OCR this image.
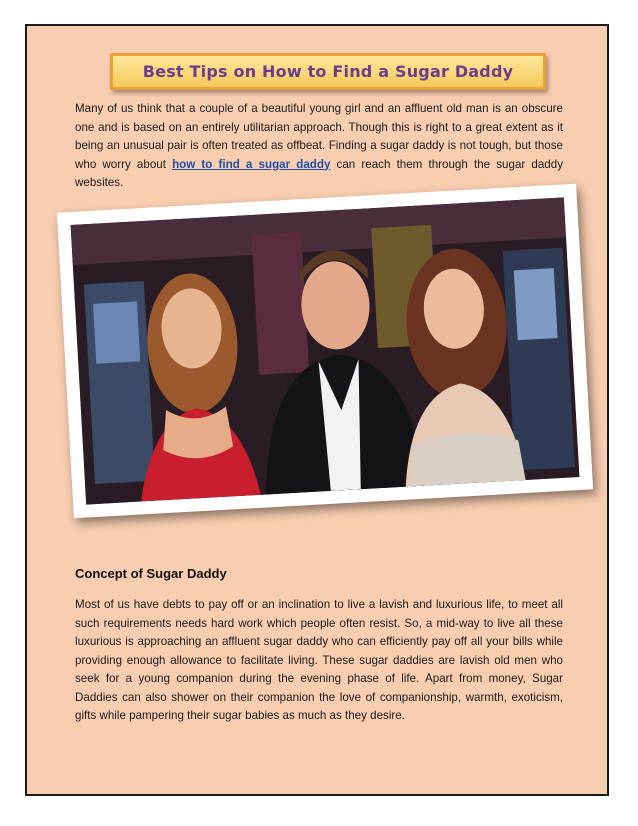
Best Tips on How to Find a Sugar Daddy

Many of us think that a couple of a beautiful young girl and an affluent old man is an obscure one and is based on an entirely utilitarian approach. Though this is right to a great extent as it being an unusual pair is often treated as offbeat. Finding a sugar daddy is not tough, but those who worry about how to find a sugar daddy can reach them through the sugar daddy websites.

Concept of Sugar Daddy

Most of us have debts to pay off or an inclination to live a lavish and luxurious life, to meet all such requirements needs hard work which people often resist. So, a mid-way to live all these luxurious is approaching an affluent sugar daddy who can efficiently pay off all your bills while providing enough allowance to facilitate living. These sugar daddies are lavish old men who seek for a young companion during the evening phase of life. Apart from money, Sugar Daddies can also shower on their companion the love of companionship, warmth, exoticism, gifts while pampering their sugar babies as much as they desire.
